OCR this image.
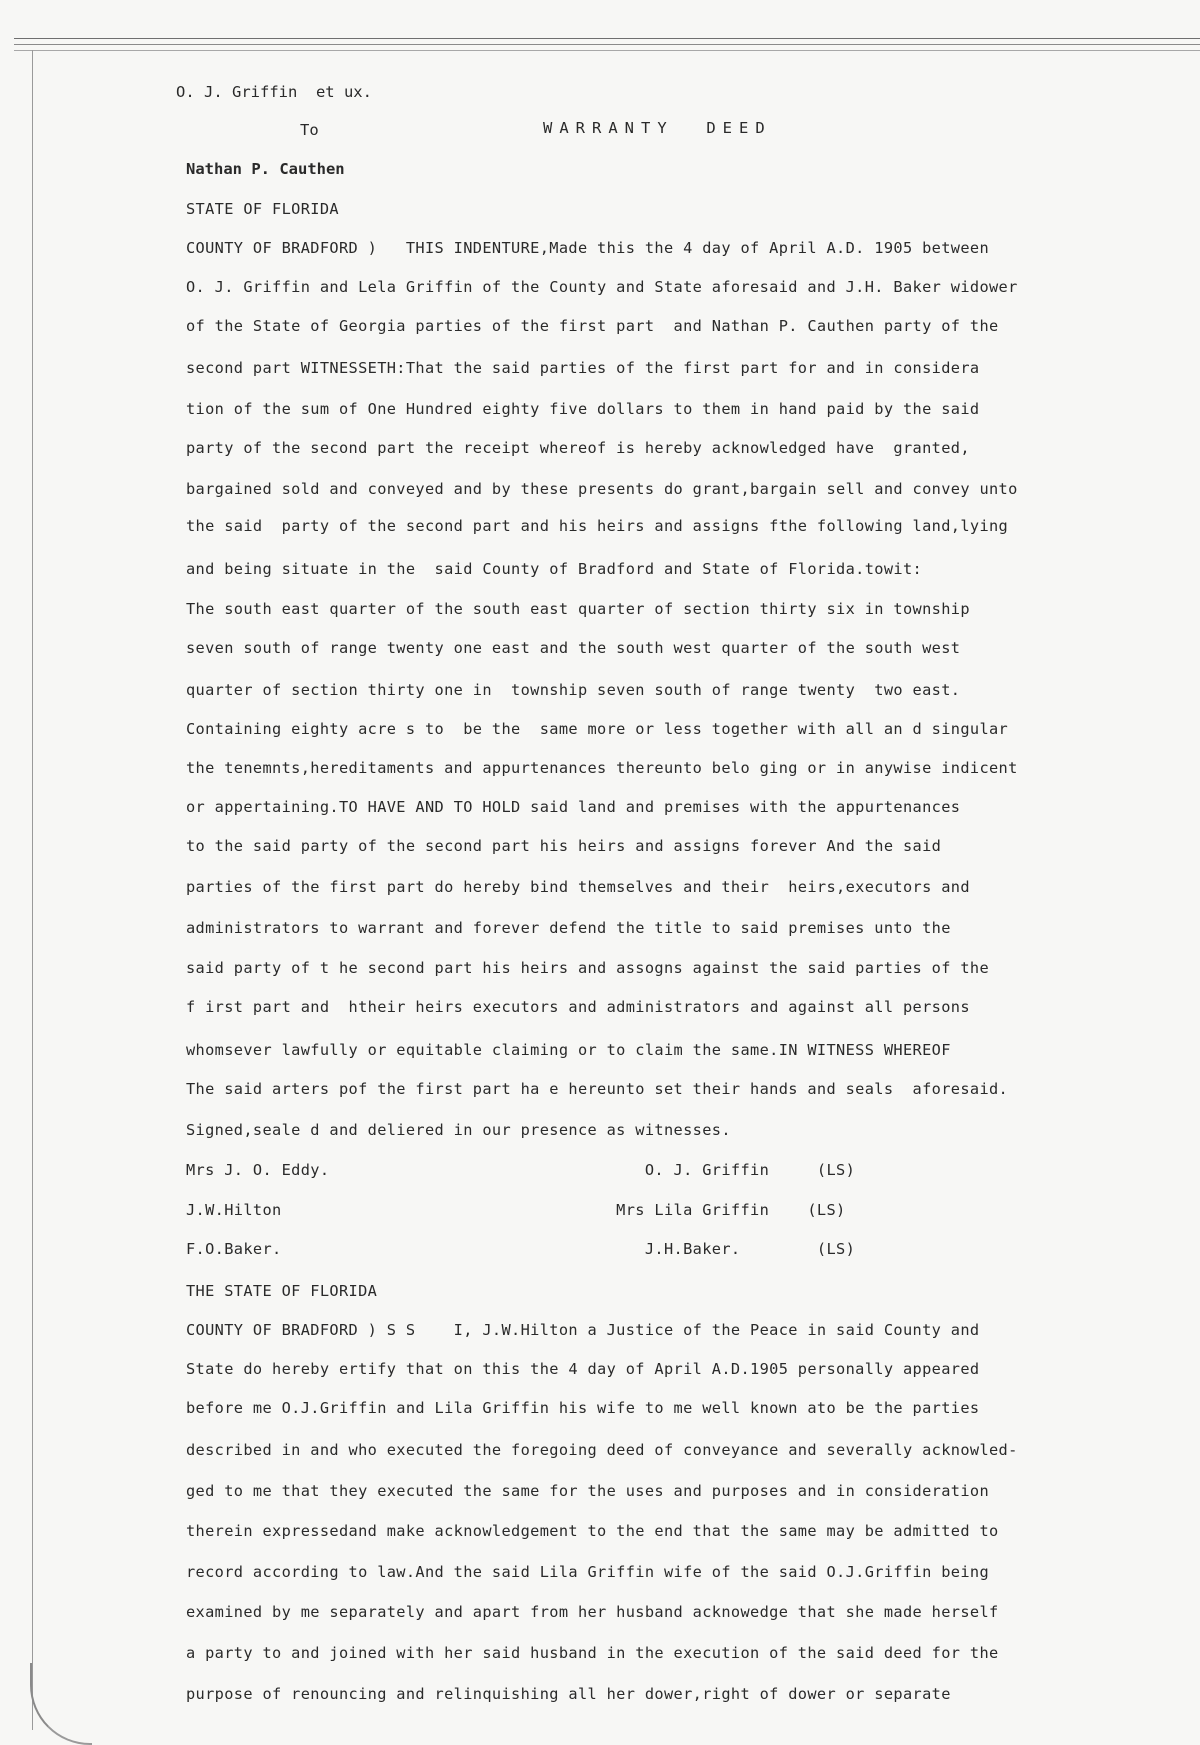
O. J. Griffin  et ux.
To	WARRANTY  DEED
Nathan P. Cauthen
STATE OF FLORIDA
COUNTY OF BRADFORD )   THIS INDENTURE,Made this the 4 day of April A.D. 1905 between
O. J. Griffin and Lela Griffin of the County and State aforesaid and J.H. Baker widower
of the State of Georgia parties of the first part  and Nathan P. Cauthen party of the
second part WITNESSETH:That the said parties of the first part for and in considera
tion of the sum of One Hundred eighty five dollars to them in hand paid by the said
party of the second part the receipt whereof is hereby acknowledged have  granted,
bargained sold and conveyed and by these presents do grant,bargain sell and convey unto
the said  party of the second part and his heirs and assigns fthe following land,lying
and being situate in the  said County of Bradford and State of Florida.towit:
The south east quarter of the south east quarter of section thirty six in township
seven south of range twenty one east and the south west quarter of the south west
quarter of section thirty one in  township seven south of range twenty  two east.
Containing eighty acre s to  be the  same more or less together with all an d singular
the tenemnts,hereditaments and appurtenances thereunto belo ging or in anywise indicent
or appertaining.TO HAVE AND TO HOLD said land and premises with the appurtenances
to the said party of the second part his heirs and assigns forever And the said
parties of the first part do hereby bind themselves and their  heirs,executors and
administrators to warrant and forever defend the title to said premises unto the
said party of t he second part his heirs and assogns against the said parties of the
f irst part and  htheir heirs executors and administrators and against all persons
whomsever lawfully or equitable claiming or to claim the same.IN WITNESS WHEREOF
The said arters pof the first part ha e hereunto set their hands and seals  aforesaid.
Signed,seale d and deliered in our presence as witnesses.
Mrs J. O. Eddy.                                 O. J. Griffin     (LS)
J.W.Hilton                                   Mrs Lila Griffin    (LS)
F.O.Baker.                                      J.H.Baker.        (LS)
THE STATE OF FLORIDA
COUNTY OF BRADFORD ) S S    I, J.W.Hilton a Justice of the Peace in said County and
State do hereby ertify that on this the 4 day of April A.D.1905 personally appeared
before me O.J.Griffin and Lila Griffin his wife to me well known ato be the parties
described in and who executed the foregoing deed of conveyance and severally acknowled-
ged to me that they executed the same for the uses and purposes and in consideration
therein expressedand make acknowledgement to the end that the same may be admitted to
record according to law.And the said Lila Griffin wife of the said O.J.Griffin being
examined by me separately and apart from her husband acknowedge that she made herself
a party to and joined with her said husband in the execution of the said deed for the
purpose of renouncing and relinquishing all her dower,right of dower or separate
